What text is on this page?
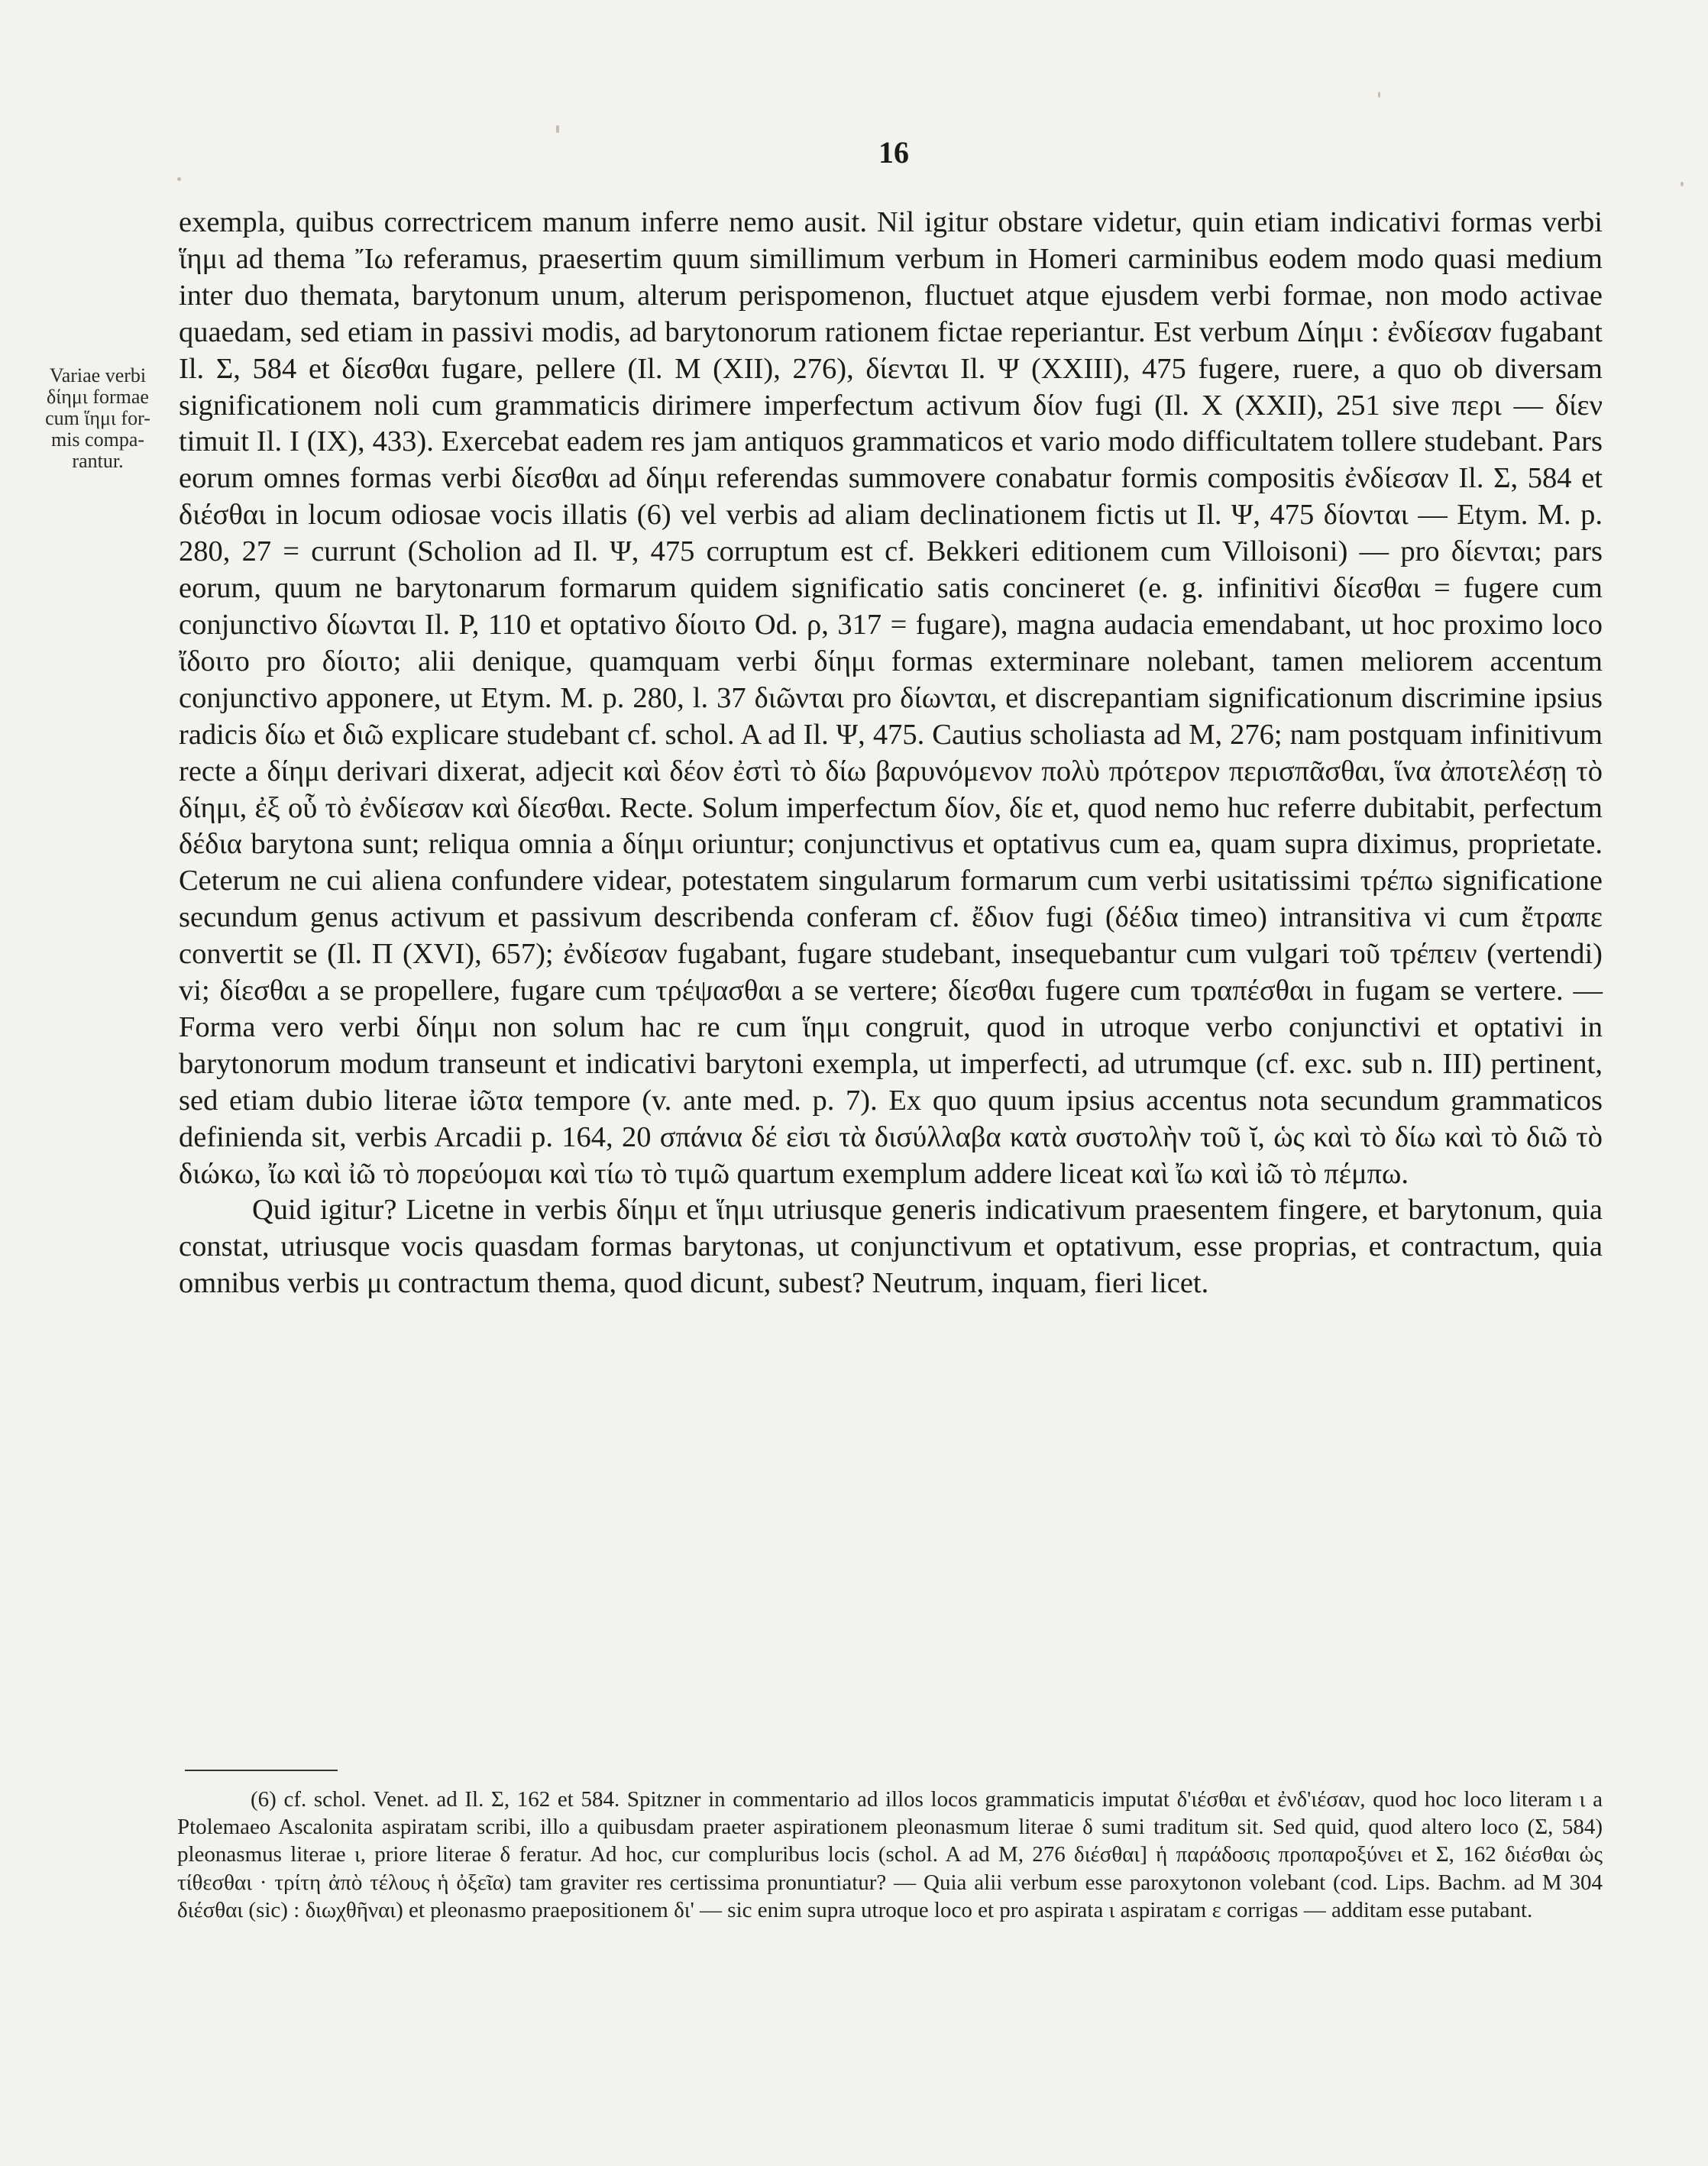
16
Variae verbi
δίημι formae
cum ἵημι for-
mis compa-
rantur.

exempla, quibus correctricem manum inferre nemo ausit. Nil igitur obstare videtur, quin etiam indicativi formas verbi ἵημι ad thema Ἴω referamus, praesertim quum simillimum verbum in Homeri carminibus eodem modo quasi medium inter duo themata, barytonum unum, alterum perispomenon, fluctuet atque ejusdem verbi formae, non modo activae quaedam, sed etiam in passivi modis, ad barytonorum rationem fictae reperiantur. Est verbum Δίημι : ἐνδίεσαν fugabant Il. Σ, 584 et δίεσθαι fugare, pellere (Il. M (XII), 276), δίενται Il. Ψ (XXIII), 475 fugere, ruere, a quo ob diversam significationem noli cum grammaticis dirimere imperfectum activum δίον fugi (Il. X (XXII), 251 sive περι — δίεν timuit Il. I (IX), 433). Exercebat eadem res jam antiquos grammaticos et vario modo difficultatem tollere studebant. Pars eorum omnes formas verbi δίεσθαι ad δίημι referendas summovere conabatur formis compositis ἐνδίεσαν Il. Σ, 584 et διέσθαι in locum odiosae vocis illatis (6) vel verbis ad aliam declinationem fictis ut Il. Ψ, 475 δίονται — Etym. M. p. 280, 27 = currunt (Scholion ad Il. Ψ, 475 corruptum est cf. Bekkeri editionem cum Villoisoni) — pro δίενται; pars eorum, quum ne barytonarum formarum quidem significatio satis concineret (e. g. infinitivi δίεσθαι = fugere cum conjunctivo δίωνται Il. P, 110 et optativo δίοιτο Od. ρ, 317 = fugare), magna audacia emendabant, ut hoc proximo loco ἴδοιτο pro δίοιτο; alii denique, quamquam verbi δίημι formas exterminare nolebant, tamen meliorem accentum conjunctivo apponere, ut Etym. M. p. 280, l. 37 διῶνται pro δίωνται, et discrepantiam significationum discrimine ipsius radicis δίω et διῶ explicare studebant cf. schol. A ad Il. Ψ, 475. Cautius scholiasta ad M, 276; nam postquam infinitivum recte a δίημι derivari dixerat, adjecit καὶ δέον ἐστὶ τὸ δίω βαρυνόμενον πολὺ πρότερον περισπᾶσθαι, ἵνα ἀποτελέσῃ τὸ δίημι, ἐξ οὗ τὸ ἐνδίεσαν καὶ δίεσθαι. Recte. Solum imperfectum δίον, δίε et, quod nemo huc referre dubitabit, perfectum δέδια barytona sunt; reliqua omnia a δίημι oriuntur; conjunctivus et optativus cum ea, quam supra diximus, proprietate. Ceterum ne cui aliena confundere videar, potestatem singularum formarum cum verbi usitatissimi τρέπω significatione secundum genus activum et passivum describenda conferam cf. ἔδιον fugi (δέδια timeo) intransitiva vi cum ἔτραπε convertit se (Il. Π (XVI), 657); ἐνδίεσαν fugabant, fugare studebant, insequebantur cum vulgari τοῦ τρέπειν (vertendi) vi; δίεσθαι a se propellere, fugare cum τρέψασθαι a se vertere; δίεσθαι fugere cum τραπέσθαι in fugam se vertere. — Forma vero verbi δίημι non solum hac re cum ἵημι congruit, quod in utroque verbo conjunctivi et optativi in barytonorum modum transeunt et indicativi barytoni exempla, ut imperfecti, ad utrumque (cf. exc. sub n. III) pertinent, sed etiam dubio literae ἰῶτα tempore (v. ante med. p. 7). Ex quo quum ipsius accentus nota secundum grammaticos definienda sit, verbis Arcadii p. 164, 20 σπάνια δέ εἰσι τὰ δισύλλαβα κατὰ συστολὴν τοῦ ῐ, ὡς καὶ τὸ δίω καὶ τὸ διῶ τὸ διώκω, ἴω καὶ ἰῶ τὸ πορεύομαι καὶ τίω τὸ τιμῶ quartum exemplum addere liceat καὶ ἴω καὶ ἰῶ τὸ πέμπω.

Quid igitur? Licetne in verbis δίημι et ἵημι utriusque generis indicativum praesentem fingere, et barytonum, quia constat, utriusque vocis quasdam formas barytonas, ut conjunctivum et optativum, esse proprias, et contractum, quia omnibus verbis μι contractum thema, quod dicunt, subest? Neutrum, inquam, fieri licet.

(6) cf. schol. Venet. ad Il. Σ, 162 et 584. Spitzner in commentario ad illos locos grammaticis imputat δ'ιέσθαι et ἐνδ'ιέσαν, quod hoc loco literam ι a Ptolemaeo Ascalonita aspiratam scribi, illo a quibusdam praeter aspirationem pleonasmum literae δ sumi traditum sit. Sed quid, quod altero loco (Σ, 584) pleonasmus literae ι, priore literae δ feratur. Ad hoc, cur compluribus locis (schol. A ad M, 276 διέσθαι] ἡ παράδοσις προπαροξύνει et Σ, 162 διέσθαι ὡς τίθεσθαι · τρίτη ἀπὸ τέλους ἡ ὀξεῖα) tam graviter res certissima pronuntiatur? — Quia alii verbum esse paroxytonon volebant (cod. Lips. Bachm. ad M 304 διέσθαι (sic) : διωχθῆναι) et pleonasmo praepositionem δι' — sic enim supra utroque loco et pro aspirata ι aspiratam ε corrigas — additam esse putabant.
